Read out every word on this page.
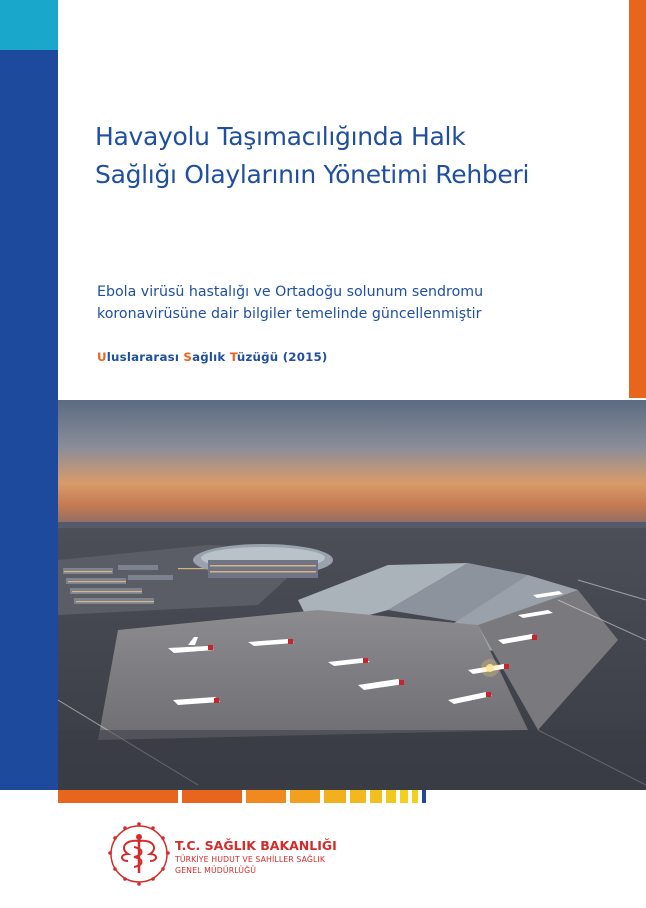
Havayolu Taşımacılığında Halk
Sağlığı Olaylarının Yönetimi Rehberi

Ebola virüsü hastalığı ve Ortadoğu solunum sendromu
koronavirüsüne dair bilgiler temelinde güncellenmiştir

Uluslararası Sağlık Tüzüğü (2015)

T.C. SAĞLIK BAKANLIĞI

TÜRKİYE HUDUT VE SAHİLLER SAĞLIK

GENEL MÜDÜRLÜĞÜ
